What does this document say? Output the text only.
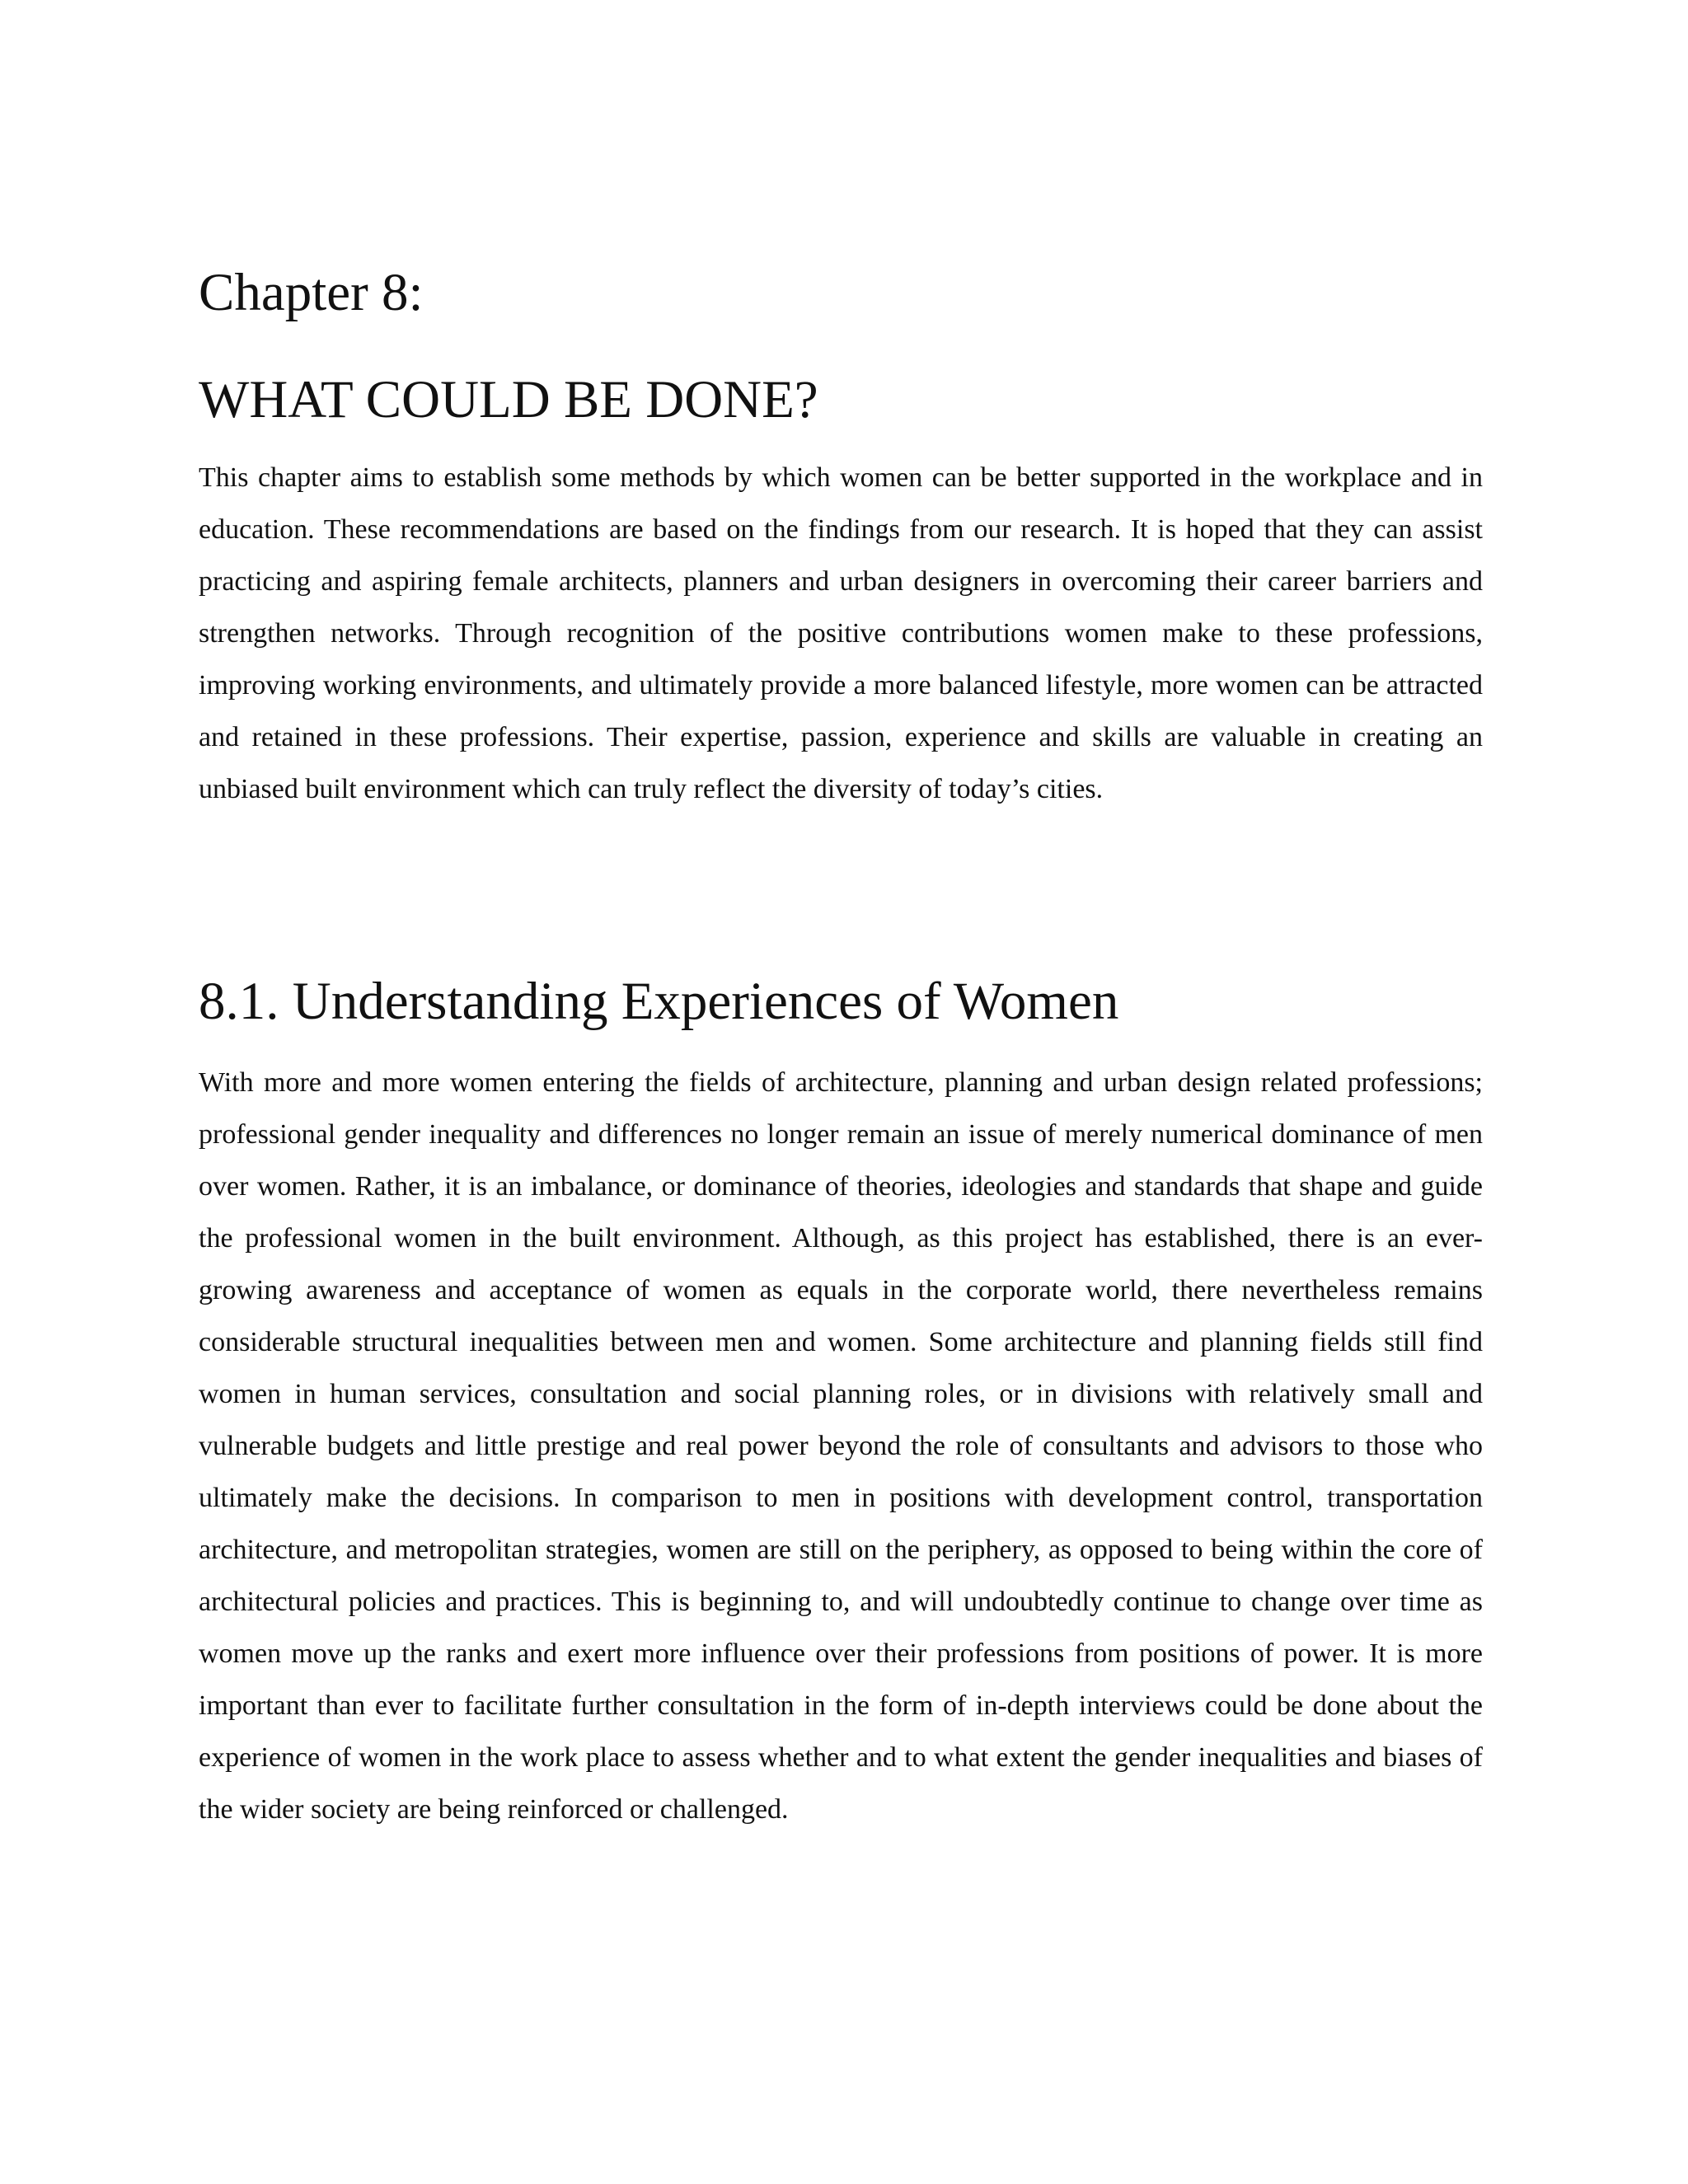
Chapter 8:
WHAT COULD BE DONE?

This chapter aims to establish some methods by which women can be better supported in the workplace and in education. These recommendations are based on the findings from our research. It is hoped that they can assist practicing and aspiring female architects, planners and urban designers in overcoming their career barriers and strengthen networks. Through recognition of the positive contributions women make to these professions, improving working environments, and ultimately provide a more balanced lifestyle, more women can be attracted and retained in these professions. Their expertise, passion, experience and skills are valuable in creating an unbiased built environment which can truly reflect the diversity of today’s cities.

8.1. Understanding Experiences of Women

With more and more women entering the fields of architecture, planning and urban design related professions; professional gender inequality and differences no longer remain an issue of merely numerical dominance of men over women. Rather, it is an imbalance, or dominance of theories, ideologies and standards that shape and guide the professional women in the built environment. Although, as this project has established, there is an ever-growing awareness and acceptance of women as equals in the corporate world, there nevertheless remains considerable structural inequalities between men and women. Some architecture and planning fields still find women in human services, consultation and social planning roles, or in divisions with relatively small and vulnerable budgets and little prestige and real power beyond the role of consultants and advisors to those who ultimately make the decisions. In comparison to men in positions with development control, transportation architecture, and metropolitan strategies, women are still on the periphery, as opposed to being within the core of architectural policies and practices. This is beginning to, and will undoubtedly continue to change over time as women move up the ranks and exert more influence over their professions from positions of power. It is more important than ever to facilitate further consultation in the form of in-depth interviews could be done about the experience of women in the work place to assess whether and to what extent the gender inequalities and biases of the wider society are being reinforced or challenged.
